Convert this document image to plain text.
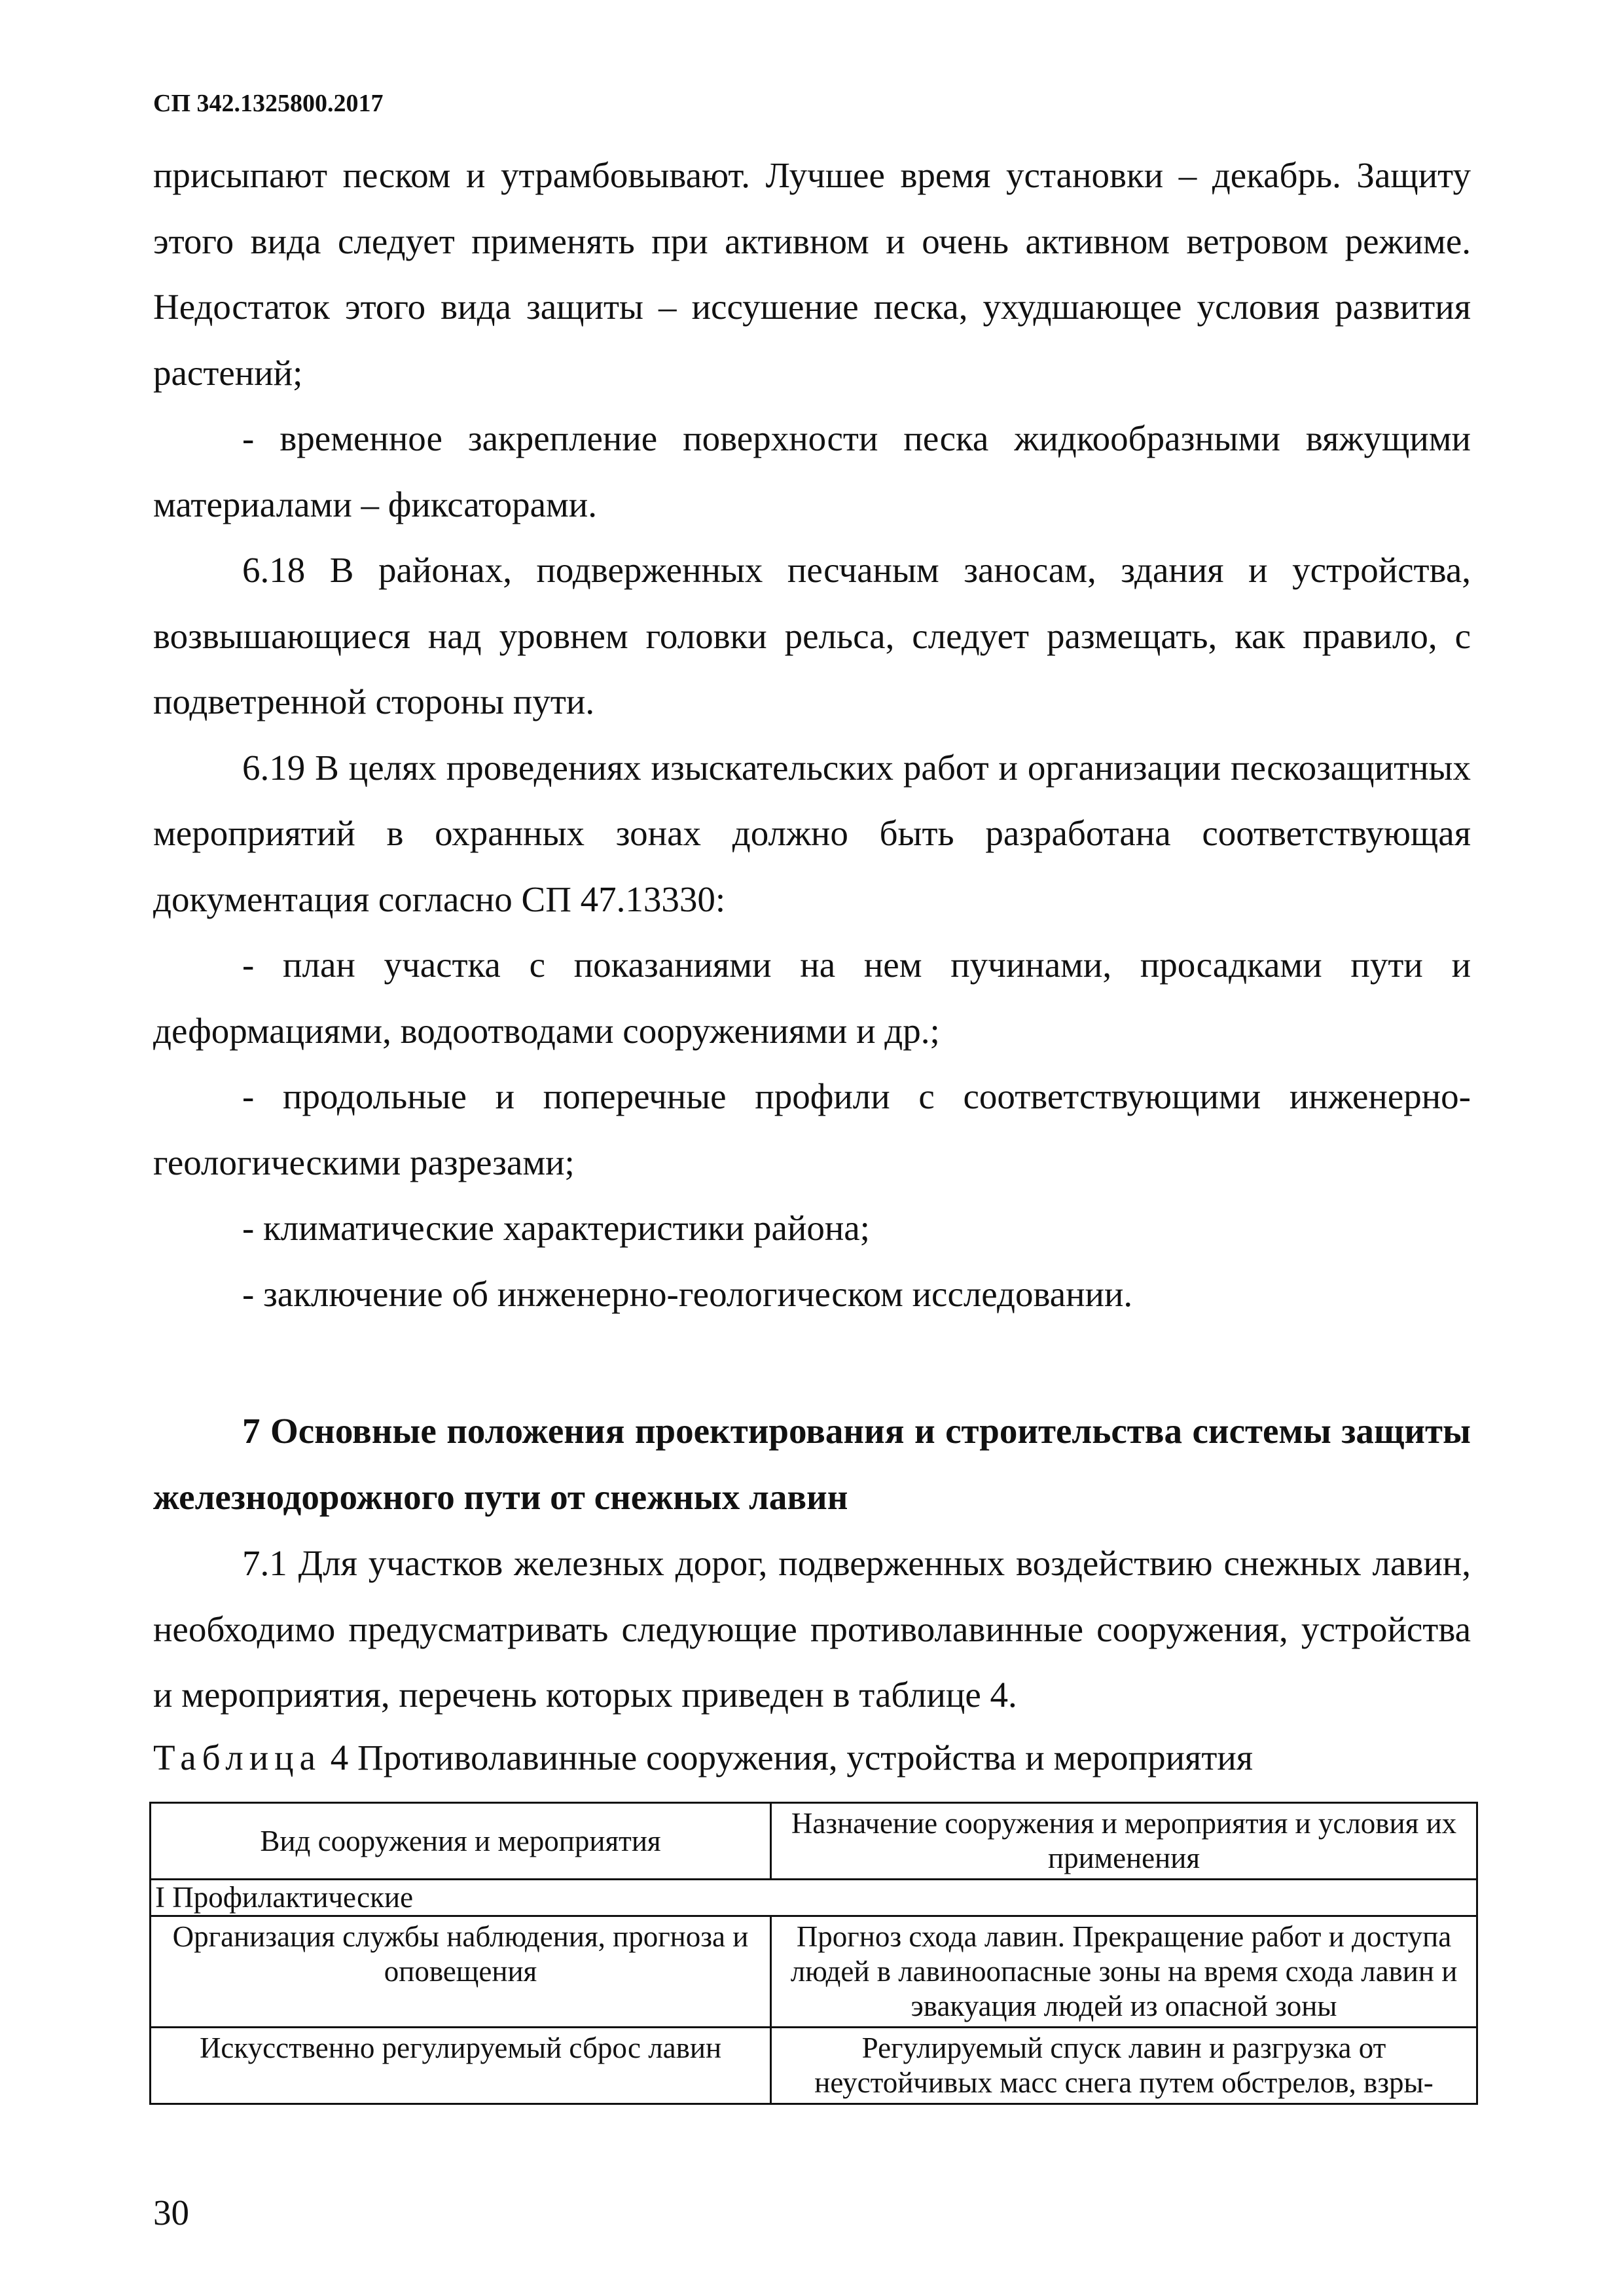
СП 342.1325800.2017

присыпают песком и утрамбовывают. Лучшее время установки – декабрь. Защиту этого вида следует применять при активном и очень активном ветровом режиме. Недостаток этого вида защиты – иссушение песка, ухудшающее условия развития растений;

- временное закрепление поверхности песка жидкообразными вяжущими материалами – фиксаторами.

6.18 В районах, подверженных песчаным заносам, здания и устройства, возвышающиеся над уровнем головки рельса, следует размещать, как правило, с подветренной стороны пути.

6.19 В целях проведениях изыскательских работ и организации пескозащитных мероприятий в охранных зонах должно быть разработана соответствующая документация согласно СП 47.13330:

- план участка с показаниями на нем пучинами, просадками пути и деформациями, водоотводами сооружениями и др.;

- продольные и поперечные профили с соответствующими инженерно-геологическими разрезами;

- климатические характеристики района;

- заключение об инженерно-геологическом исследовании.

7 Основные положения проектирования и строительства системы защиты железнодорожного пути от снежных лавин

7.1 Для участков железных дорог, подверженных воздействию снежных лавин, необходимо предусматривать следующие противолавинные сооружения, устройства и мероприятия, перечень которых приведен в таблице 4.

Таблица 4 Противолавинные сооружения, устройства и мероприятия
Вид сооружения и мероприятия	Назначение сооружения и мероприятия и условия их применения
I Профилактические	
Организация службы наблюдения, прогноза и оповещения	Прогноз схода лавин. Прекращение работ и доступа людей в лавиноопасные зоны на время схода лавин и эвакуация людей из опасной зоны
Искусственно регулируемый сброс лавин	Регулируемый спуск лавин и разгрузка от неустойчивых масс снега путем обстрелов, взры-
30
